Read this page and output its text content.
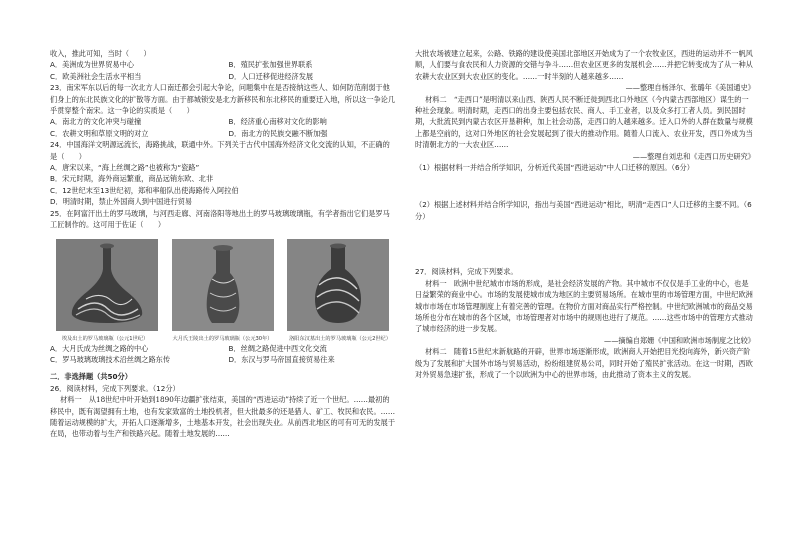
收入，推此可知，当时（　　）

A．美洲成为世界贸易中心	B．殖民扩张加强世界联系
C．欧美洲社会生活水平相当	D．人口迁移促进经济发展

23．南宋军东以后的每一次北方人口南迁都会引起大争论，问题集中在是否接纳这些人、如何防范削弱于他们身上的东北民族文化的扩散等方面。由于都城锁安是北方新移民和东北移民的重要迁入地，所以这一争论几乎贯穿整个南宋。这一争论的实质是（　　）

A．南北方的文化冲突与碰撞	B．经济重心南移对文化的影响
C．农耕文明和草原文明的对立	D．南北方的民族交融不断加强

24．中国海洋文明源远流长，海路挑战，联通中外。下列关于古代中国海外经济文化交流的认知，不正确的是（　　）

A．唐宋以来，“海上丝绸之路”也被称为“瓷路”

B．宋元时期，海外商运繁重，商品远销东欧、北非

C．12世纪末至13世纪初，郑和率船队出使海路传入阿拉伯

D．明清时期，禁止外国商人到中国进行贸易

25．在阿富汗出土的罗马玻璃，与河西走廊、河南洛阳等地出土的罗马玻璃玻璃瓶，有学者指出它们是罗马工匠制作的。这可用于佐证（　　）

埃及出土的罗马玻璃瓶（公元1世纪）	大月氏王陵出土的罗马玻璃瓶（公元30年）	洛阳东汉墓出土的罗马玻璃瓶（公元2世纪）
A．大月氏成为丝绸之路的中心	B．丝绸之路促进中西文化交流
C．罗马玻璃玻璃技术沿丝绸之路东传	D．东汉与罗马帝国直接贸易往来

二．非选择题（共50分）

26．阅读材料，完成下列要求。（12分）

材料一　从18世纪中叶开始到1890年边疆扩张结束，美国的“西进运动”持续了近一个世纪。……最初的移民中，既有渴望拥有土地，也有发家致富的土地投机者，但大批最多的还是猎人、矿工、牧民和农民。……随着运动规模的扩大，开拓人口逐渐增多，土地基本开发，社会出现失业。从前西北地区的可有可无的发展于在局，也带动着与生产和铁路兴起。随着土地发展的……

大批农场被建立起来，公路、铁路的建设使美国北部地区开始成为了一个农牧业区，西进的运动并不一帆风顺，人们要与食农民和人力资源的交错与争斗……但农业区更多的发展机会……并把它转变成为了从一种从农耕大农业区到大农业区的变化。……一时半刻的人越来越多……

——整理自杨泽尔、张璐年《美国通史》

材料二　“走西口”是明清以来山西、陕西人民不断迁徙到西北口外地区（今内蒙古西部地区）谋生的一种社会现象。明清时期，走西口的出身主要包括农民、商人、手工业者，以及众多打工者人员。到民国时期，大批流民到内蒙古农区开垦耕种，加上社会动荡，走西口的人越来越多。迁入口外的人群在数量与规模上都是空前的，这对口外地区的社会发展起到了很大的推动作用。随着人口流入、农业开发，西口外成为当时清朝北方的一大农业区……

——整理自刘忠和《走西口历史研究》

（1）根据材料一并结合所学知识，分析近代美国“西进运动”中人口迁移的原因。（6分）

（2）根据上述材料并结合所学知识，指出与美国“西进运动”相比，明清“走西口”人口迁移的主要不同。（6分）

27．阅读材料，完成下列要求。

材料一　欧洲中世纪城市市场的形成，是社会经济发展的产物。其中城市不仅仅是手工业的中心，也是日益繁荣的商业中心。市场的发展使城市成为地区的主要贸易场所。在城市里的市场管理方面，中世纪欧洲城市市场在市场管理制度上有着完善的管理。在物价方面对商品实行严格控制。中世纪欧洲城市的商品交易场所也分布在城市的各个区域，市场管理者对市场中的规则也进行了规范。……这些市场中的管理方式推动了城市经济的进一步发展。

——摘编自郑姗《中国和欧洲市场制度之比较》

材料二　随着15世纪末新航路的开辟，世界市场逐渐形成，欧洲商人开始把目光投向海外，新兴资产阶级为了发展和扩大国外市场与贸易活动，纷纷组建贸易公司，同时开始了殖民扩张活动。在这一时期，西欧对外贸易急速扩张，形成了一个以欧洲为中心的世界市场，由此推动了资本主义的发展。
